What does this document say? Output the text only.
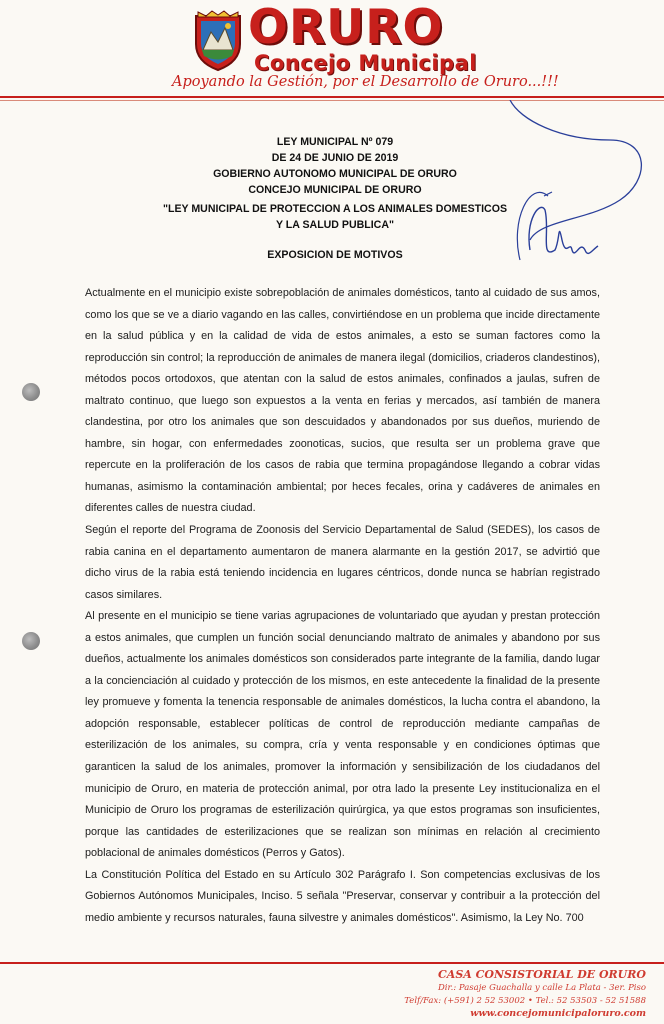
ORURO
Concejo Municipal
Apoyando la Gestión, por el Desarrollo de Oruro...!!!
LEY MUNICIPAL Nº 079
DE 24 DE JUNIO DE 2019
GOBIERNO AUTONOMO MUNICIPAL DE ORURO
CONCEJO MUNICIPAL DE ORURO
"LEY MUNICIPAL DE PROTECCION A LOS ANIMALES DOMESTICOS
Y LA SALUD PUBLICA"
EXPOSICION DE MOTIVOS

Actualmente en el municipio existe sobrepoblación de animales domésticos, tanto al cuidado de sus amos, como los que se ve a diario vagando en las calles, convirtiéndose en un problema que incide directamente en la salud pública y en la calidad de vida de estos animales, a esto se suman factores como la reproducción sin control; la reproducción de animales de manera ilegal (domicilios, criaderos clandestinos), métodos pocos ortodoxos, que atentan con la salud de estos animales, confinados a jaulas, sufren de maltrato continuo, que luego son expuestos a la venta en ferias y mercados, así también de manera clandestina, por otro los animales que son descuidados y abandonados por sus dueños, muriendo de hambre, sin hogar, con enfermedades zoonoticas, sucios, que resulta ser un problema grave que repercute en la proliferación de los casos de rabia que termina propagándose llegando a cobrar vidas humanas, asimismo la contaminación ambiental; por heces fecales, orina y cadáveres de animales en diferentes calles de nuestra ciudad.

Según el reporte del Programa de Zoonosis del Servicio Departamental de Salud (SEDES), los casos de rabia canina en el departamento aumentaron de manera alarmante en la gestión 2017, se advirtió que dicho virus de la rabia está teniendo incidencia en lugares céntricos, donde nunca se habrían registrado casos similares.

Al presente en el municipio se tiene varias agrupaciones de voluntariado que ayudan y prestan protección a estos animales, que cumplen un función social denunciando maltrato de animales y abandono por sus dueños, actualmente los animales domésticos son considerados parte integrante de la familia, dando lugar a la concienciación al cuidado y protección de los mismos, en este antecedente la finalidad de la presente ley promueve y fomenta la tenencia responsable de animales domésticos, la lucha contra el abandono, la adopción responsable, establecer políticas de control de reproducción mediante campañas de esterilización de los animales, su compra, cría y venta responsable y en condiciones óptimas que garanticen la salud de los animales, promover la información y sensibilización de los ciudadanos del municipio de Oruro, en materia de protección animal, por otra lado la presente Ley institucionaliza en el Municipio de Oruro los programas de esterilización quirúrgica, ya que estos programas son insuficientes, porque las cantidades de esterilizaciones que se realizan son mínimas en relación al crecimiento poblacional de animales domésticos (Perros y Gatos).

La Constitución Política del Estado en su Artículo 302 Parágrafo I. Son competencias exclusivas de los Gobiernos Autónomos Municipales, Inciso. 5 señala "Preservar, conservar y contribuir a la protección del medio ambiente y recursos naturales, fauna silvestre y animales domésticos". Asimismo, la Ley No. 700

CASA CONSISTORIAL DE ORURO
Dir.: Pasaje Guachalla y calle La Plata - 3er. Piso
Telf/Fax: (+591) 2 52 53002 • Tel.: 52 53503 - 52 51588
www.concejomunicipaloruro.com
